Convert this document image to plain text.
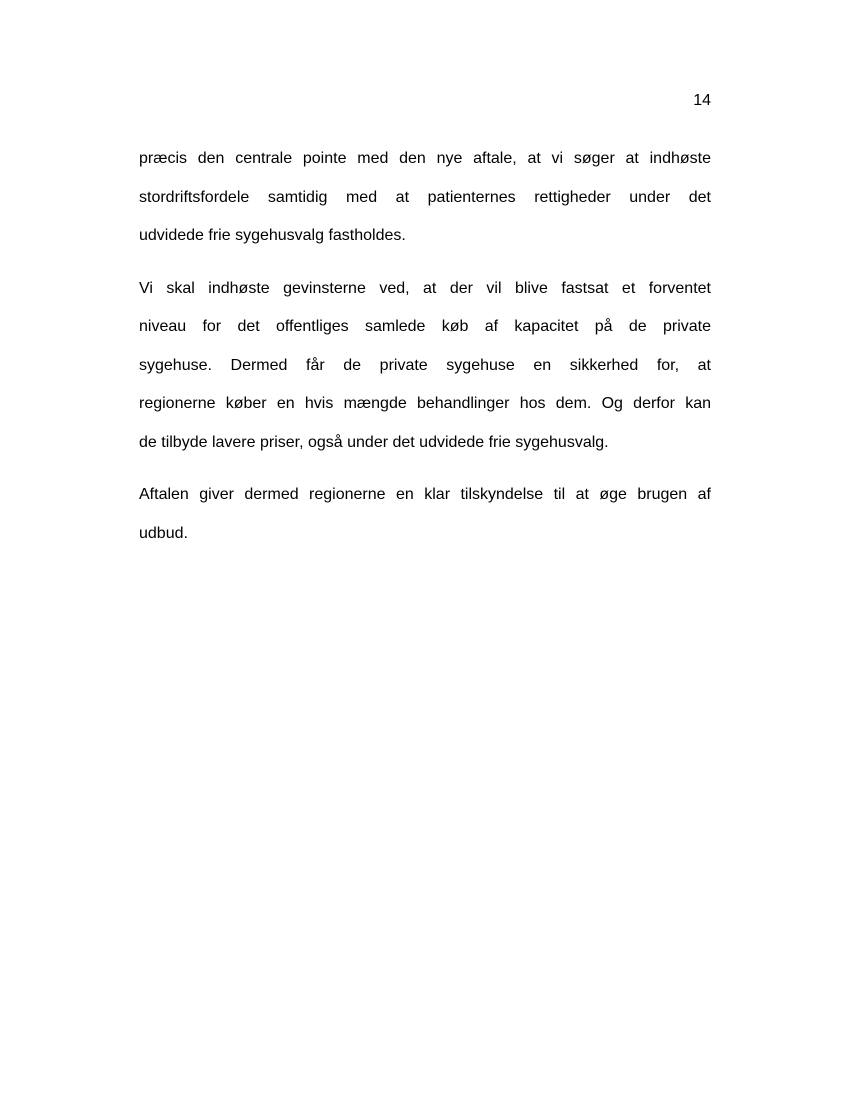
14
præcis den centrale pointe med den nye aftale, at vi søger at indhøste
stordriftsfordele samtidig med at patienternes rettigheder under det
udvidede frie sygehusvalg fastholdes.
Vi skal indhøste gevinsterne ved, at der vil blive fastsat et forventet
niveau for det offentliges samlede køb af kapacitet på de private
sygehuse. Dermed får de private sygehuse en sikkerhed for, at
regionerne køber en hvis mængde behandlinger hos dem. Og derfor kan
de tilbyde lavere priser, også under det udvidede frie sygehusvalg.
Aftalen giver dermed regionerne en klar tilskyndelse til at øge brugen af
udbud.
